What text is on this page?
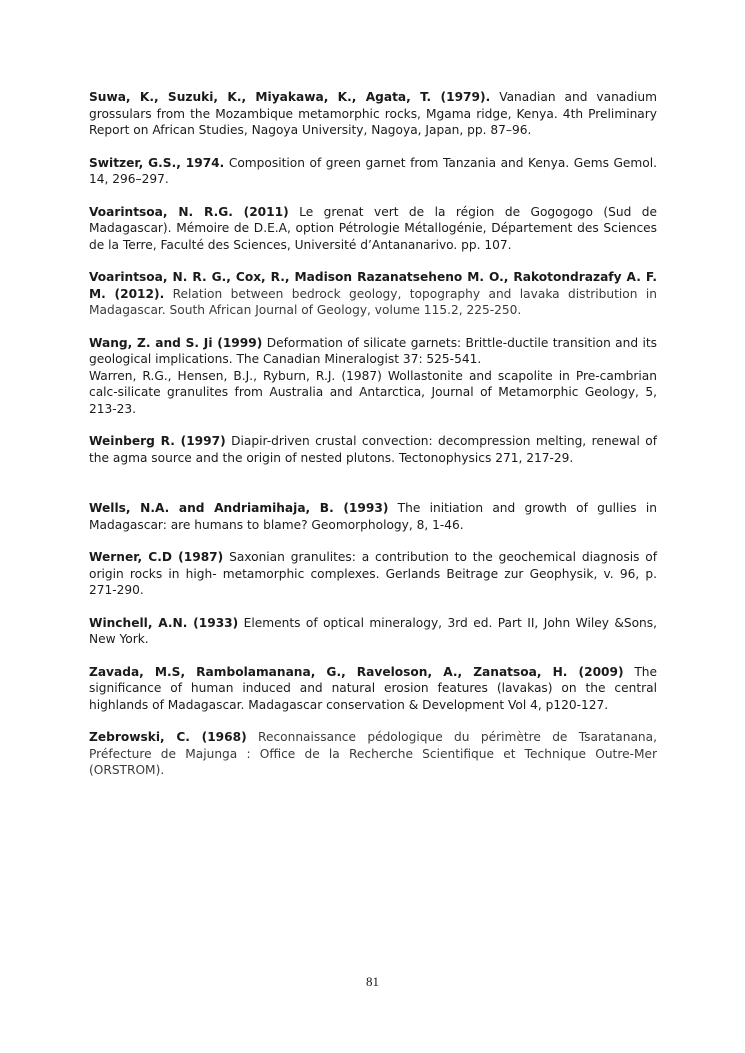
Suwa, K., Suzuki, K., Miyakawa, K., Agata, T. (1979). Vanadian and vanadium grossulars from the Mozambique metamorphic rocks, Mgama ridge, Kenya. 4th Preliminary Report on African Studies, Nagoya University, Nagoya, Japan, pp. 87–96.

Switzer, G.S., 1974. Composition of green garnet from Tanzania and Kenya. Gems Gemol. 14, 296–297.

Voarintsoa, N. R.G. (2011) Le grenat vert de la région de Gogogogo (Sud de Madagascar). Mémoire de D.E.A, option Pétrologie Métallogénie, Département des Sciences de la Terre, Faculté des Sciences, Université d’Antananarivo. pp. 107.

Voarintsoa, N. R. G., Cox, R., Madison Razanatseheno M. O., Rakotondrazafy A. F. M. (2012). Relation between bedrock geology, topography and lavaka distribution in Madagascar. South African Journal of Geology, volume 115.2, 225-250.

Wang, Z. and S. Ji (1999) Deformation of silicate garnets: Brittle-ductile transition and its geological implications. The Canadian Mineralogist 37: 525-541.

Warren, R.G., Hensen, B.J., Ryburn, R.J. (1987) Wollastonite and scapolite in Pre-cambrian calc-silicate granulites from Australia and Antarctica, Journal of Metamorphic Geology, 5, 213-23.

Weinberg R. (1997) Diapir-driven crustal convection: decompression melting, renewal of the agma source and the origin of nested plutons. Tectonophysics 271, 217-29.

Wells, N.A. and Andriamihaja, B. (1993) The initiation and growth of gullies in Madagascar: are humans to blame? Geomorphology, 8, 1-46.

Werner, C.D (1987) Saxonian granulites: a contribution to the geochemical diagnosis of origin rocks in high- metamorphic complexes. Gerlands Beitrage zur Geophysik, v. 96, p. 271-290.

Winchell, A.N. (1933) Elements of optical mineralogy, 3rd ed. Part II, John Wiley &Sons, New York.

Zavada, M.S, Rambolamanana, G., Raveloson, A., Zanatsoa, H. (2009) The significance of human induced and natural erosion features (lavakas) on the central highlands of Madagascar. Madagascar conservation & Development Vol 4, p120-127.

Zebrowski, C. (1968) Reconnaissance pédologique du périmètre de Tsaratanana, Préfecture de Majunga : Office de la Recherche Scientifique et Technique Outre-Mer (ORSTROM).

81
